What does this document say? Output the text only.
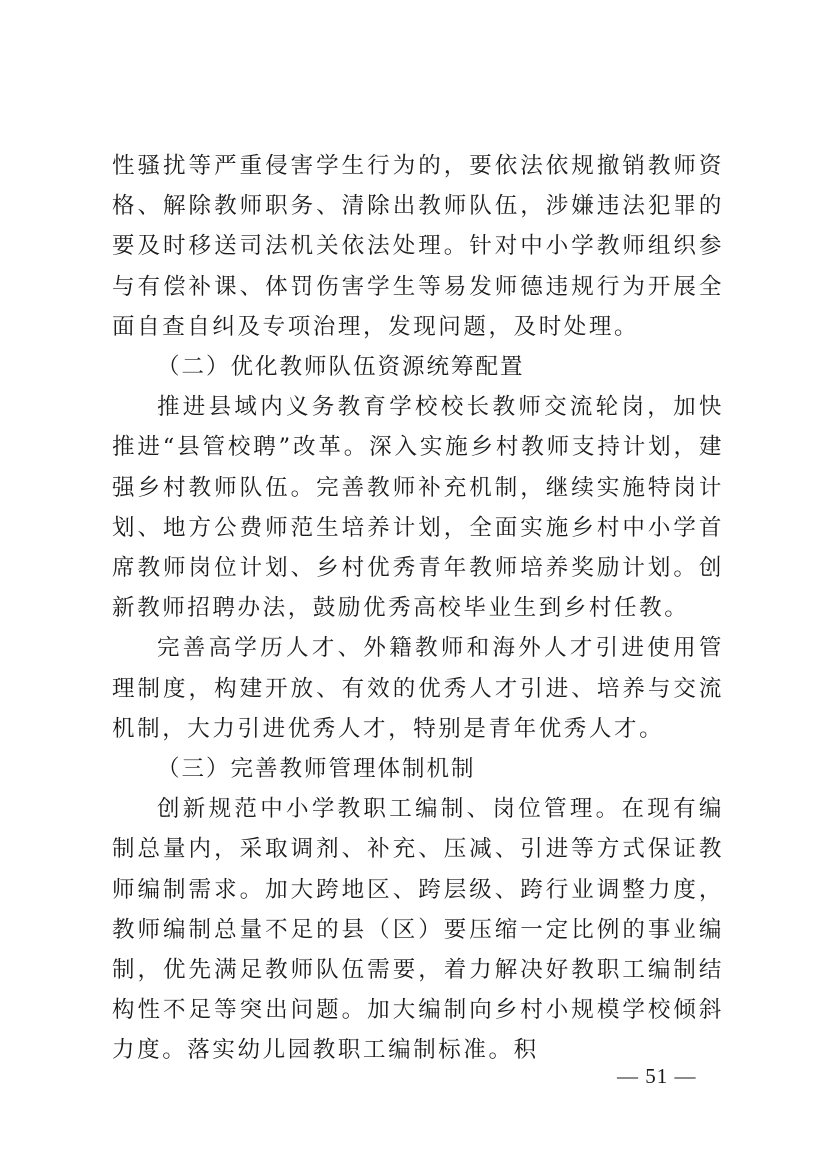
性骚扰等严重侵害学生行为的，要依法依规撤销教师资格、解除教师职务、清除出教师队伍，涉嫌违法犯罪的要及时移送司法机关依法处理。针对中小学教师组织参与有偿补课、体罚伤害学生等易发师德违规行为开展全面自查自纠及专项治理，发现问题，及时处理。

（二）优化教师队伍资源统筹配置

推进县域内义务教育学校校长教师交流轮岗，加快推进“县管校聘”改革。深入实施乡村教师支持计划，建强乡村教师队伍。完善教师补充机制，继续实施特岗计划、地方公费师范生培养计划，全面实施乡村中小学首席教师岗位计划、乡村优秀青年教师培养奖励计划。创新教师招聘办法，鼓励优秀高校毕业生到乡村任教。

完善高学历人才、外籍教师和海外人才引进使用管理制度，构建开放、有效的优秀人才引进、培养与交流机制，大力引进优秀人才，特别是青年优秀人才。

（三）完善教师管理体制机制

创新规范中小学教职工编制、岗位管理。在现有编制总量内，采取调剂、补充、压减、引进等方式保证教师编制需求。加大跨地区、跨层级、跨行业调整力度，教师编制总量不足的县（区）要压缩一定比例的事业编制，优先满足教师队伍需要，着力解决好教职工编制结构性不足等突出问题。加大编制向乡村小规模学校倾斜力度。落实幼儿园教职工编制标准。积

— 51 —
